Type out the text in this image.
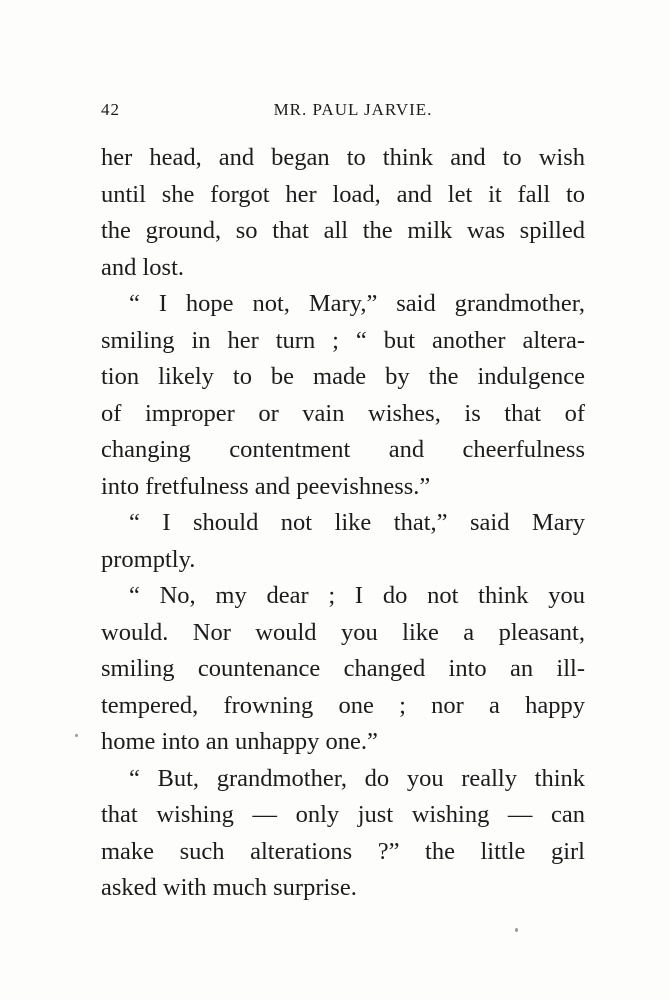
42	MR. PAUL JARVIE.
her head, and began to think and to wish
until she forgot her load, and let it fall to
the ground, so that all the milk was spilled
and lost.
“ I hope not, Mary,” said grandmother,
smiling in her turn ; “ but another altera-
tion likely to be made by the indulgence
of improper or vain wishes, is that of
changing contentment and cheerfulness
into fretfulness and peevishness.”
“ I should not like that,” said Mary
promptly.
“ No, my dear ; I do not think you
would. Nor would you like a pleasant,
smiling countenance changed into an ill-
tempered, frowning one ; nor a happy
home into an unhappy one.”
“ But, grandmother, do you really think
that wishing — only just wishing — can
make such alterations ?” the little girl
asked with much surprise.
